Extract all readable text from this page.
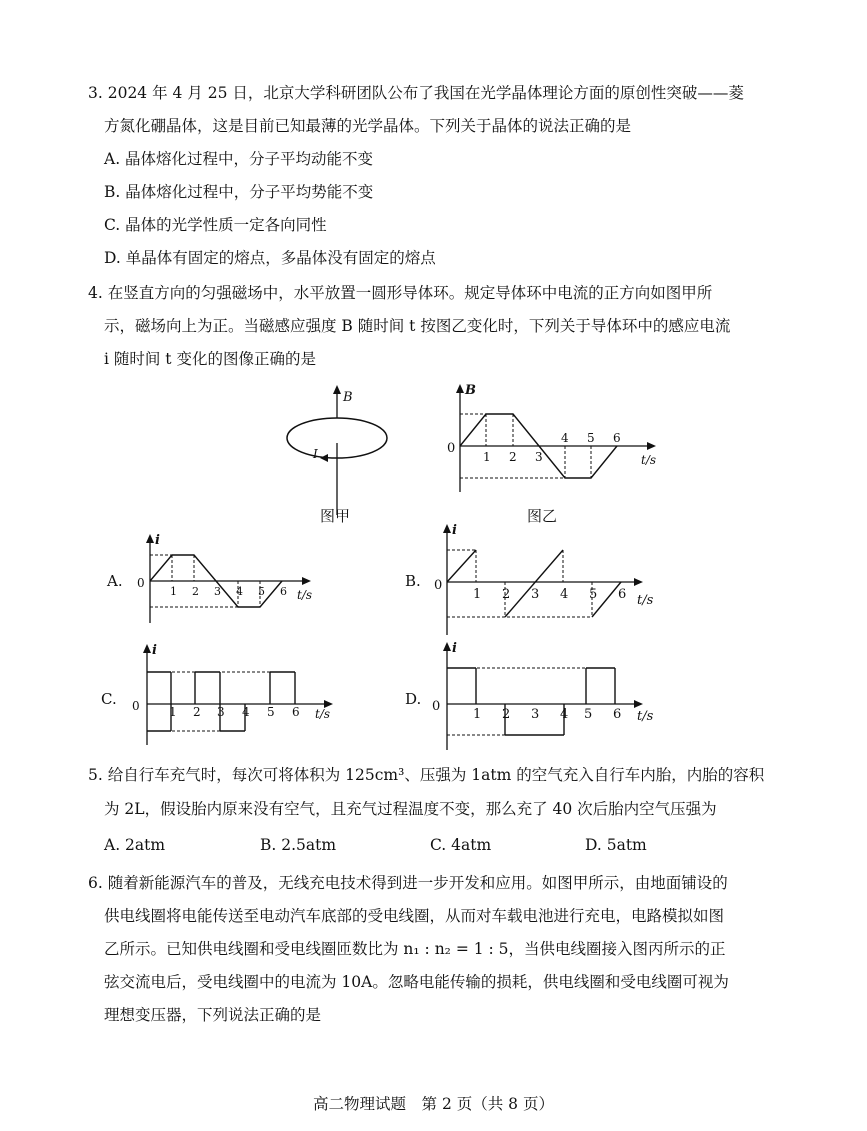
3. 2024 年 4 月 25 日，北京大学科研团队公布了我国在光学晶体理论方面的原创性突破——菱
方氮化硼晶体，这是目前已知最薄的光学晶体。下列关于晶体的说法正确的是
A. 晶体熔化过程中，分子平均动能不变
B. 晶体熔化过程中，分子平均势能不变
C. 晶体的光学性质一定各向同性
D. 单晶体有固定的熔点，多晶体没有固定的熔点
4. 在竖直方向的匀强磁场中，水平放置一圆形导体环。规定导体环中电流的正方向如图甲所
示，磁场向上为正。当磁感应强度 B 随时间 t 按图乙变化时，下列关于导体环中的感应电流
i 随时间 t 变化的图像正确的是
B
I
图甲
B
0
1 2 3
4 5 6
t/s
图乙
A.
i
0
1 2 3 4 5 6 t/s
B.
i
0
1 2 3 4 5 6 t/s
C.
i
0 1 2 3 4 5 6 t/s
D.
i
0
1 2 3 4 5 6 t/s
5. 给自行车充气时，每次可将体积为 125cm³、压强为 1atm 的空气充入自行车内胎，内胎的容积
为 2L，假设胎内原来没有空气，且充气过程温度不变，那么充了 40 次后胎内空气压强为
A. 2atm	B. 2.5atm	C. 4atm	D. 5atm
6. 随着新能源汽车的普及，无线充电技术得到进一步开发和应用。如图甲所示，由地面铺设的
供电线圈将电能传送至电动汽车底部的受电线圈，从而对车载电池进行充电，电路模拟如图
乙所示。已知供电线圈和受电线圈匝数比为 n₁ : n₂ = 1 : 5，当供电线圈接入图丙所示的正
弦交流电后，受电线圈中的电流为 10A。忽略电能传输的损耗，供电线圈和受电线圈可视为
理想变压器，下列说法正确的是
高二物理试题　第 2 页（共 8 页）
